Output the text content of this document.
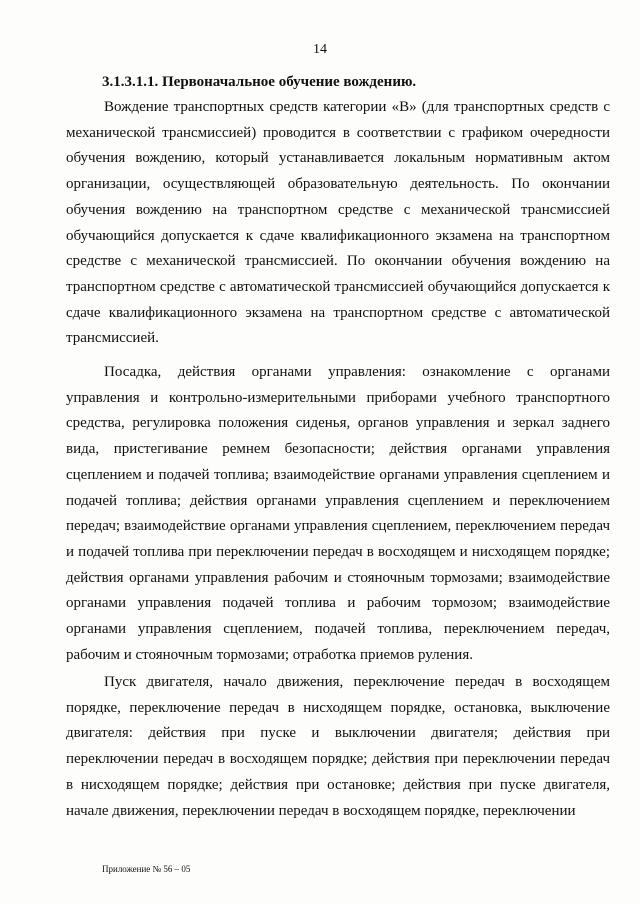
14
3.1.3.1.1. Первоначальное обучение вождению.
Вождение транспортных средств категории «В» (для транспортных средств с механической трансмиссией) проводится в соответствии с графиком очередности обучения вождению, который устанавливается локальным нормативным актом организации, осуществляющей образовательную деятельность. По окончании обучения вождению на транспортном средстве с механической трансмиссией обучающийся допускается к сдаче квалификационного экзамена на транспортном средстве с механической трансмиссией. По окончании обучения вождению на транспортном средстве с автоматической трансмиссией обучающийся допускается к сдаче квалификационного экзамена на транспортном средстве с автоматической трансмиссией.
Посадка, действия органами управления: ознакомление с органами управления и контрольно-измерительными приборами учебного транспортного средства, регулировка положения сиденья, органов управления и зеркал заднего вида, пристегивание ремнем безопасности; действия органами управления сцеплением и подачей топлива; взаимодействие органами управления сцеплением и подачей топлива; действия органами управления сцеплением и переключением передач; взаимодействие органами управления сцеплением, переключением передач и подачей топлива при переключении передач в восходящем и нисходящем порядке; действия органами управления рабочим и стояночным тормозами; взаимодействие органами управления подачей топлива и рабочим тормозом; взаимодействие органами управления сцеплением, подачей топлива, переключением передач, рабочим и стояночным тормозами; отработка приемов руления.
Пуск двигателя, начало движения, переключение передач в восходящем порядке, переключение передач в нисходящем порядке, остановка, выключение двигателя: действия при пуске и выключении двигателя; действия при переключении передач в восходящем порядке; действия при переключении передач в нисходящем порядке; действия при остановке; действия при пуске двигателя, начале движения, переключении передач в восходящем порядке, переключении
Приложение № 56 – 05
